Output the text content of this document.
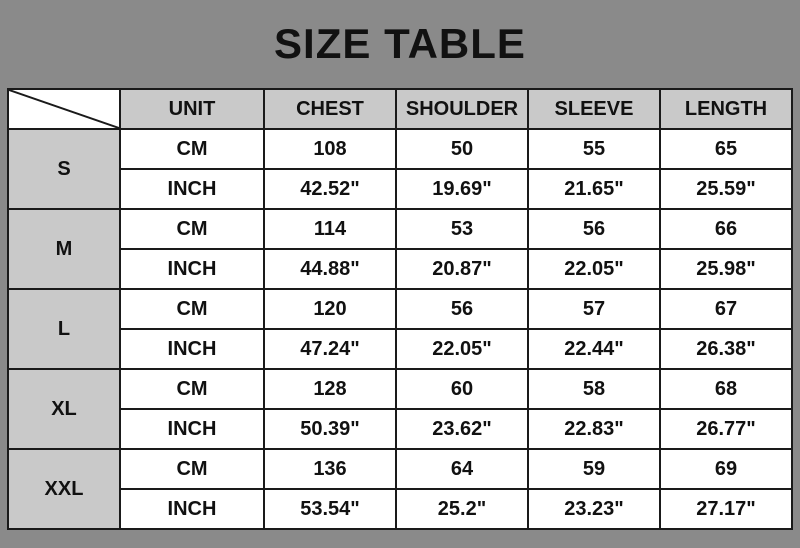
SIZE TABLE
	UNIT	CHEST	SHOULDER	SLEEVE	LENGTH
S	CM	108	50	55	65
	INCH	42.52"	19.69"	21.65"	25.59"
M	CM	114	53	56	66
	INCH	44.88"	20.87"	22.05"	25.98"
L	CM	120	56	57	67
	INCH	47.24"	22.05"	22.44"	26.38"
XL	CM	128	60	58	68
	INCH	50.39"	23.62"	22.83"	26.77"
XXL	CM	136	64	59	69
	INCH	53.54"	25.2"	23.23"	27.17"
